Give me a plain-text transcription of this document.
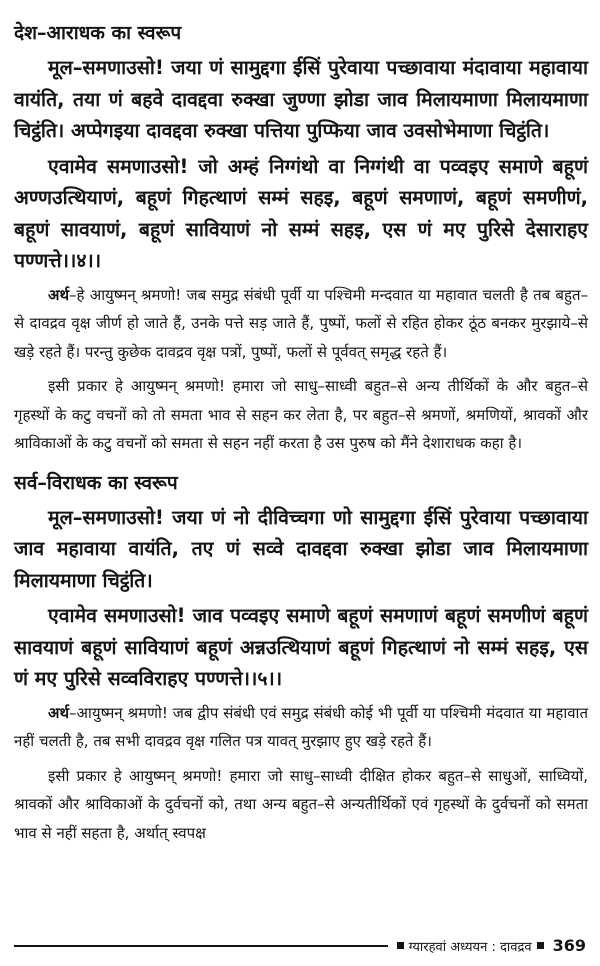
देश–आराधक का स्वरूप

मूल–समणाउसो! जया णं सामुद्दगा ईसिं पुरेवाया पच्छावाया मंदावाया महावाया वायंति, तया णं बहवे दावद्दवा रुक्खा जुण्णा झोडा जाव मिलायमाणा मिलायमाणा चिट्ठंति। अप्पेगइया दावद्दवा रुक्खा पत्तिया पुप्फिया जाव उवसोभेमाणा चिट्ठंति।

एवामेव समणाउसो! जो अम्हं निग्गंथो वा निग्गंथी वा पव्वइए समाणे बहूणं अण्णउत्थियाणं, बहूणं गिहत्थाणं सम्मं सहइ, बहूणं समणाणं, बहूणं समणीणं, बहूणं सावयाणं, बहूणं सावियाणं नो सम्मं सहइ, एस णं मए पुरिसे देसाराहए पण्णत्ते।।४।।

अर्थ–हे आयुष्मन् श्रमणो! जब समुद्र संबंधी पूर्वी या पश्चिमी मन्दवात या महावात चलती है तब बहुत–से दावद्रव वृक्ष जीर्ण हो जाते हैं, उनके पत्ते सड़ जाते हैं, पुष्पों, फलों से रहित होकर ठूंठ बनकर मुरझाये–से खड़े रहते हैं। परन्तु कुछेक दावद्रव वृक्ष पत्रों, पुष्पों, फलों से पूर्ववत् समृद्ध रहते हैं।

इसी प्रकार हे आयुष्मन् श्रमणो! हमारा जो साधु–साध्वी बहुत–से अन्य तीर्थिकों के और बहुत–से गृहस्थों के कटु वचनों को तो समता भाव से सहन कर लेता है, पर बहुत–से श्रमणों, श्रमणियों, श्रावकों और श्राविकाओं के कटु वचनों को समता से सहन नहीं करता है उस पुरुष को मैंने देशाराधक कहा है।

सर्व–विराधक का स्वरूप

मूल–समणाउसो! जया णं नो दीविच्चगा णो सामुद्दगा ईसिं पुरेवाया पच्छावाया जाव महावाया वायंति, तए णं सव्वे दावद्दवा रुक्खा झोडा जाव मिलायमाणा मिलायमाणा चिट्ठंति।

एवामेव समणाउसो! जाव पव्वइए समाणे बहूणं समणाणं बहूणं समणीणं बहूणं सावयाणं बहूणं सावियाणं बहूणं अन्नउत्थियाणं बहूणं गिहत्थाणं नो सम्मं सहइ, एस णं मए पुरिसे सव्वविराहए पण्णत्ते।।५।।

अर्थ–आयुष्मन् श्रमणो! जब द्वीप संबंधी एवं समुद्र संबंधी कोई भी पूर्वी या पश्चिमी मंदवात या महावात नहीं चलती है, तब सभी दावद्रव वृक्ष गलित पत्र यावत् मुरझाए हुए खड़े रहते हैं।

इसी प्रकार हे आयुष्मन् श्रमणो! हमारा जो साधु–साध्वी दीक्षित होकर बहुत–से साधुओं, साध्वियों, श्रावकों और श्राविकाओं के दुर्वचनों को, तथा अन्य बहुत–से अन्यतीर्थिकों एवं गृहस्थों के दुर्वचनों को समता भाव से नहीं सहता है, अर्थात् स्वपक्ष

ग्यारहवां अध्ययन : दावद्रव 369
